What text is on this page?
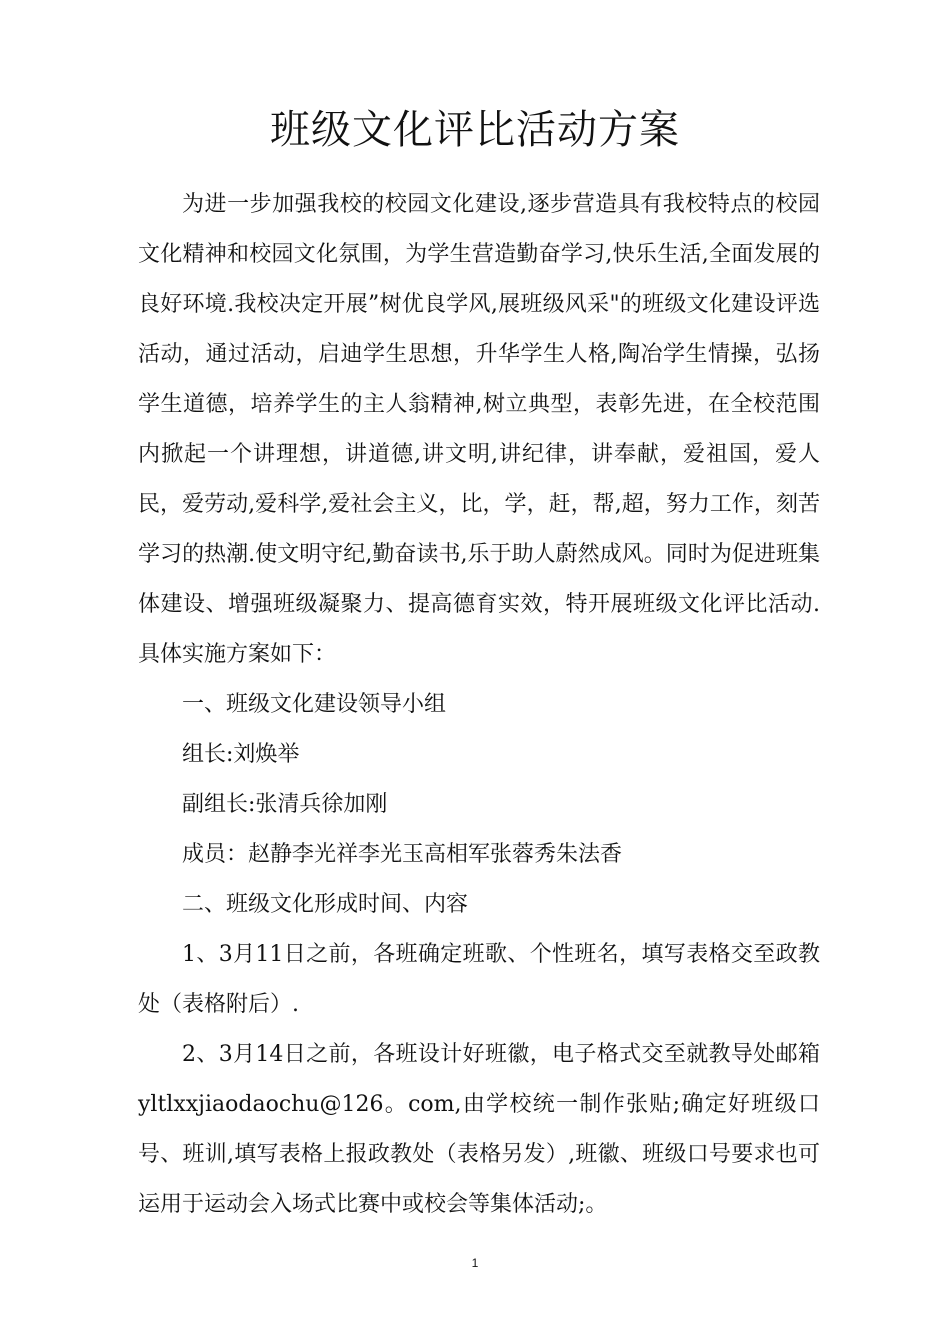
班级文化评比活动方案

为进一步加强我校的校园文化建设,逐步营造具有我校特点的校园文化精神和校园文化氛围，为学生营造勤奋学习,快乐生活,全面发展的良好环境.我校决定开展”树优良学风,展班级风采"的班级文化建设评选活动，通过活动，启迪学生思想，升华学生人格,陶冶学生情操，弘扬学生道德，培养学生的主人翁精神,树立典型，表彰先进，在全校范围内掀起一个讲理想，讲道德,讲文明,讲纪律，讲奉献，爱祖国，爱人民，爱劳动,爱科学,爱社会主义，比，学，赶，帮,超，努力工作，刻苦学习的热潮.使文明守纪,勤奋读书,乐于助人蔚然成风。同时为促进班集体建设、增强班级凝聚力、提高德育实效，特开展班级文化评比活动.具体实施方案如下：

一、班级文化建设领导小组

组长:刘焕举

副组长:张清兵徐加刚

成员：赵静李光祥李光玉高相军张蓉秀朱法香

二、班级文化形成时间、内容

1、3月11日之前，各班确定班歌、个性班名，填写表格交至政教处（表格附后）.

2、3月14日之前，各班设计好班徽，电子格式交至就教导处邮箱yltlxxjiaodaochu@126。com,由学校统一制作张贴;确定好班级口号、班训,填写表格上报政教处（表格另发）,班徽、班级口号要求也可运用于运动会入场式比赛中或校会等集体活动;。

1
